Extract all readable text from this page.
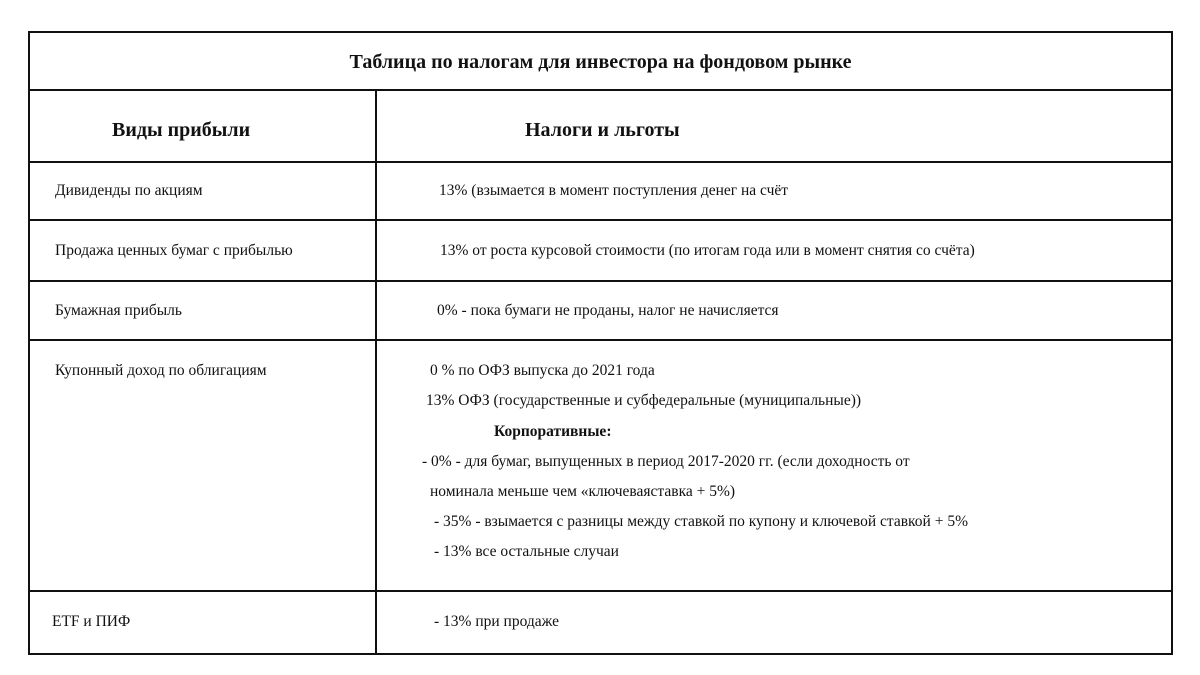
Таблица по налогам для инвестора на фондовом рынке
Виды прибыли	Налоги и льготы
Дивиденды по акциям	13% (взымается в момент поступления денег на счёт
Продажа ценных бумаг с прибылью	13% от роста курсовой стоимости (по итогам года или в момент снятия со счёта)
Бумажная прибыль	0% - пока бумаги не проданы, налог не начисляется
Купонный доход по облигациям	0 % по ОФЗ выпуска до 2021 года
13% ОФЗ (государственные и субфедеральные (муниципальные))
Корпоративные:
- 0% - для бумаг, выпущенных в период 2017-2020 гг. (если доходность от
номинала меньше чем «ключеваяставка + 5%)
- 35% - взымается с разницы между ставкой по купону и ключевой ставкой + 5%
- 13% все остальные случаи
ETF и ПИФ	- 13% при продаже
